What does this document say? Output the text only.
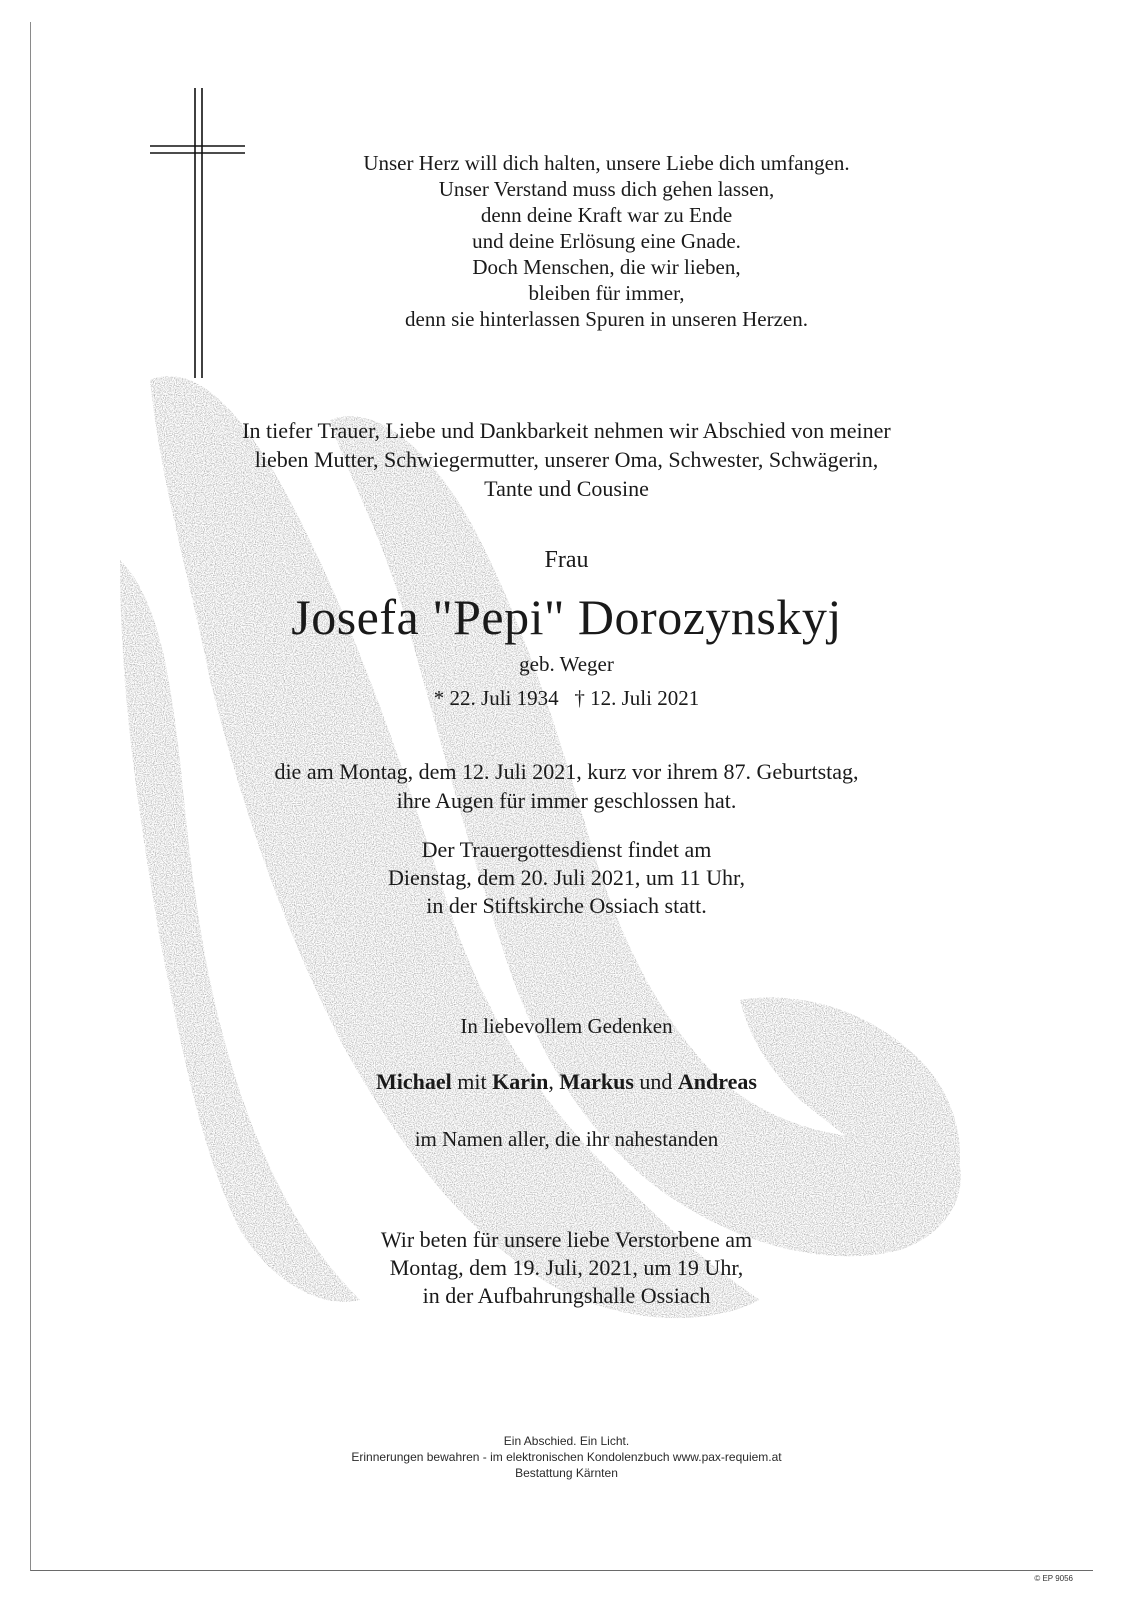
Unser Herz will dich halten, unsere Liebe dich umfangen.

Unser Verstand muss dich gehen lassen,

denn deine Kraft war zu Ende

und deine Erlösung eine Gnade.

Doch Menschen, die wir lieben,

bleiben für immer,

denn sie hinterlassen Spuren in unseren Herzen.

In tiefer Trauer, Liebe und Dankbarkeit nehmen wir Abschied von meiner

lieben Mutter, Schwiegermutter, unserer Oma, Schwester, Schwägerin,

Tante und Cousine

Frau
Josefa "Pepi" Dorozynskyj
geb. Weger
* 22. Juli 1934   † 12. Juli 2021

die am Montag, dem 12. Juli 2021, kurz vor ihrem 87. Geburtstag,

ihre Augen für immer geschlossen hat.

Der Trauergottesdienst findet am

Dienstag, dem 20. Juli 2021, um 11 Uhr,

in der Stiftskirche Ossiach statt.

In liebevollem Gedenken
Michael mit Karin, Markus und Andreas
im Namen aller, die ihr nahestanden

Wir beten für unsere liebe Verstorbene am

Montag, dem 19. Juli, 2021, um 19 Uhr,

in der Aufbahrungshalle Ossiach

Ein Abschied. Ein Licht.

Erinnerungen bewahren - im elektronischen Kondolenzbuch www.pax-requiem.at

Bestattung Kärnten

© EP 9056
